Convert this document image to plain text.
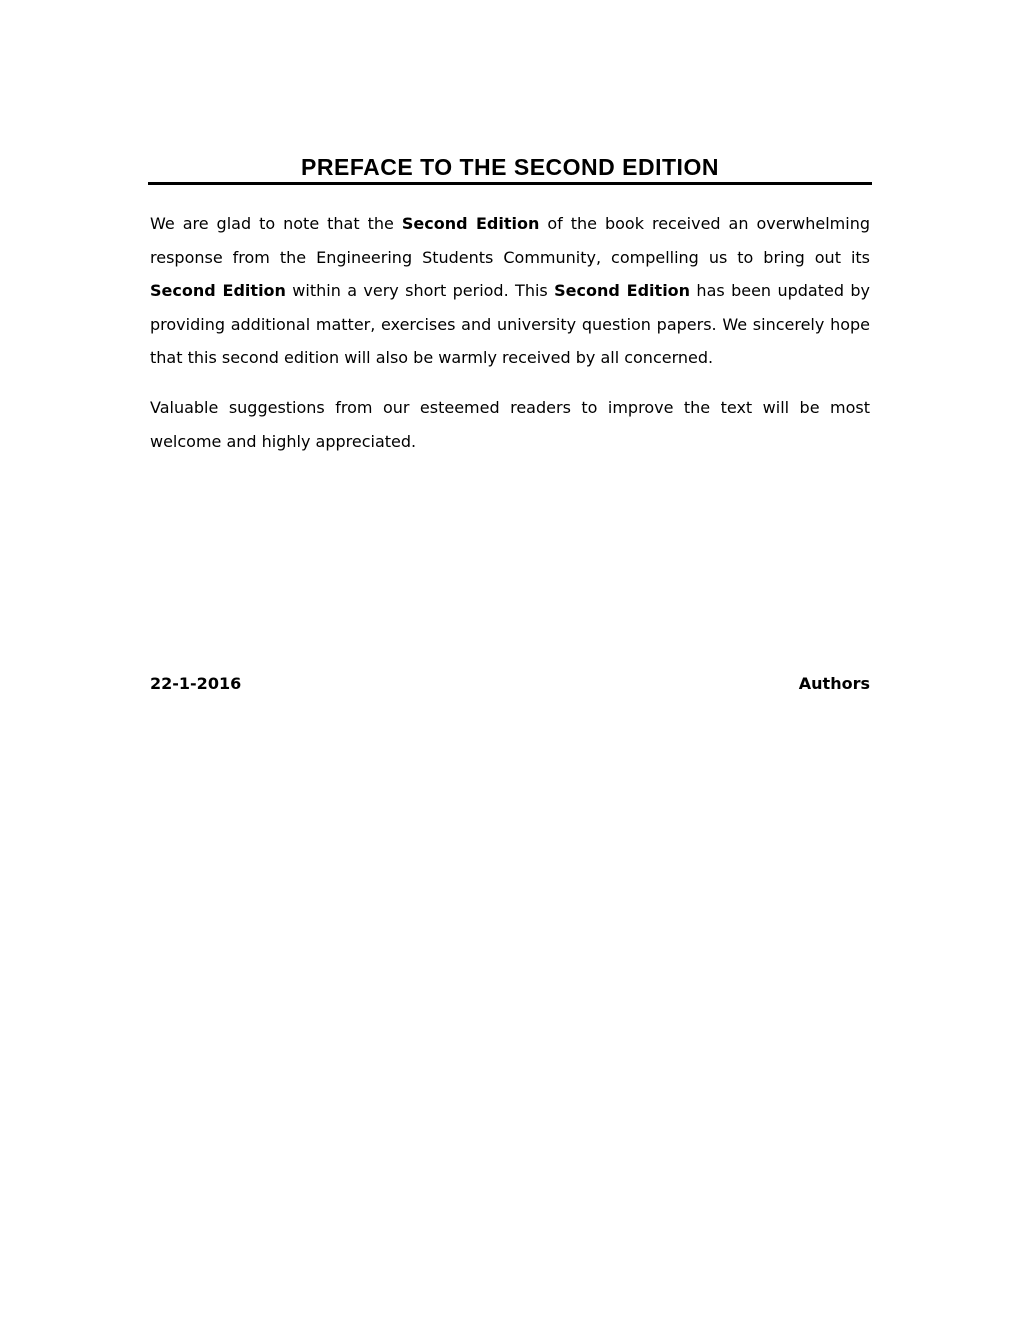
PREFACE TO THE SECOND EDITION

We are glad to note that the Second Edition of the book received an overwhelming response from the Engineering Students Community, compelling us to bring out its Second Edition within a very short period. This Second Edition has been updated by providing additional matter, exercises and university question papers. We sincerely hope that this second edition will also be warmly received by all concerned.

Valuable suggestions from our esteemed readers to improve the text will be most welcome and highly appreciated.

22-1-2016	Authors
